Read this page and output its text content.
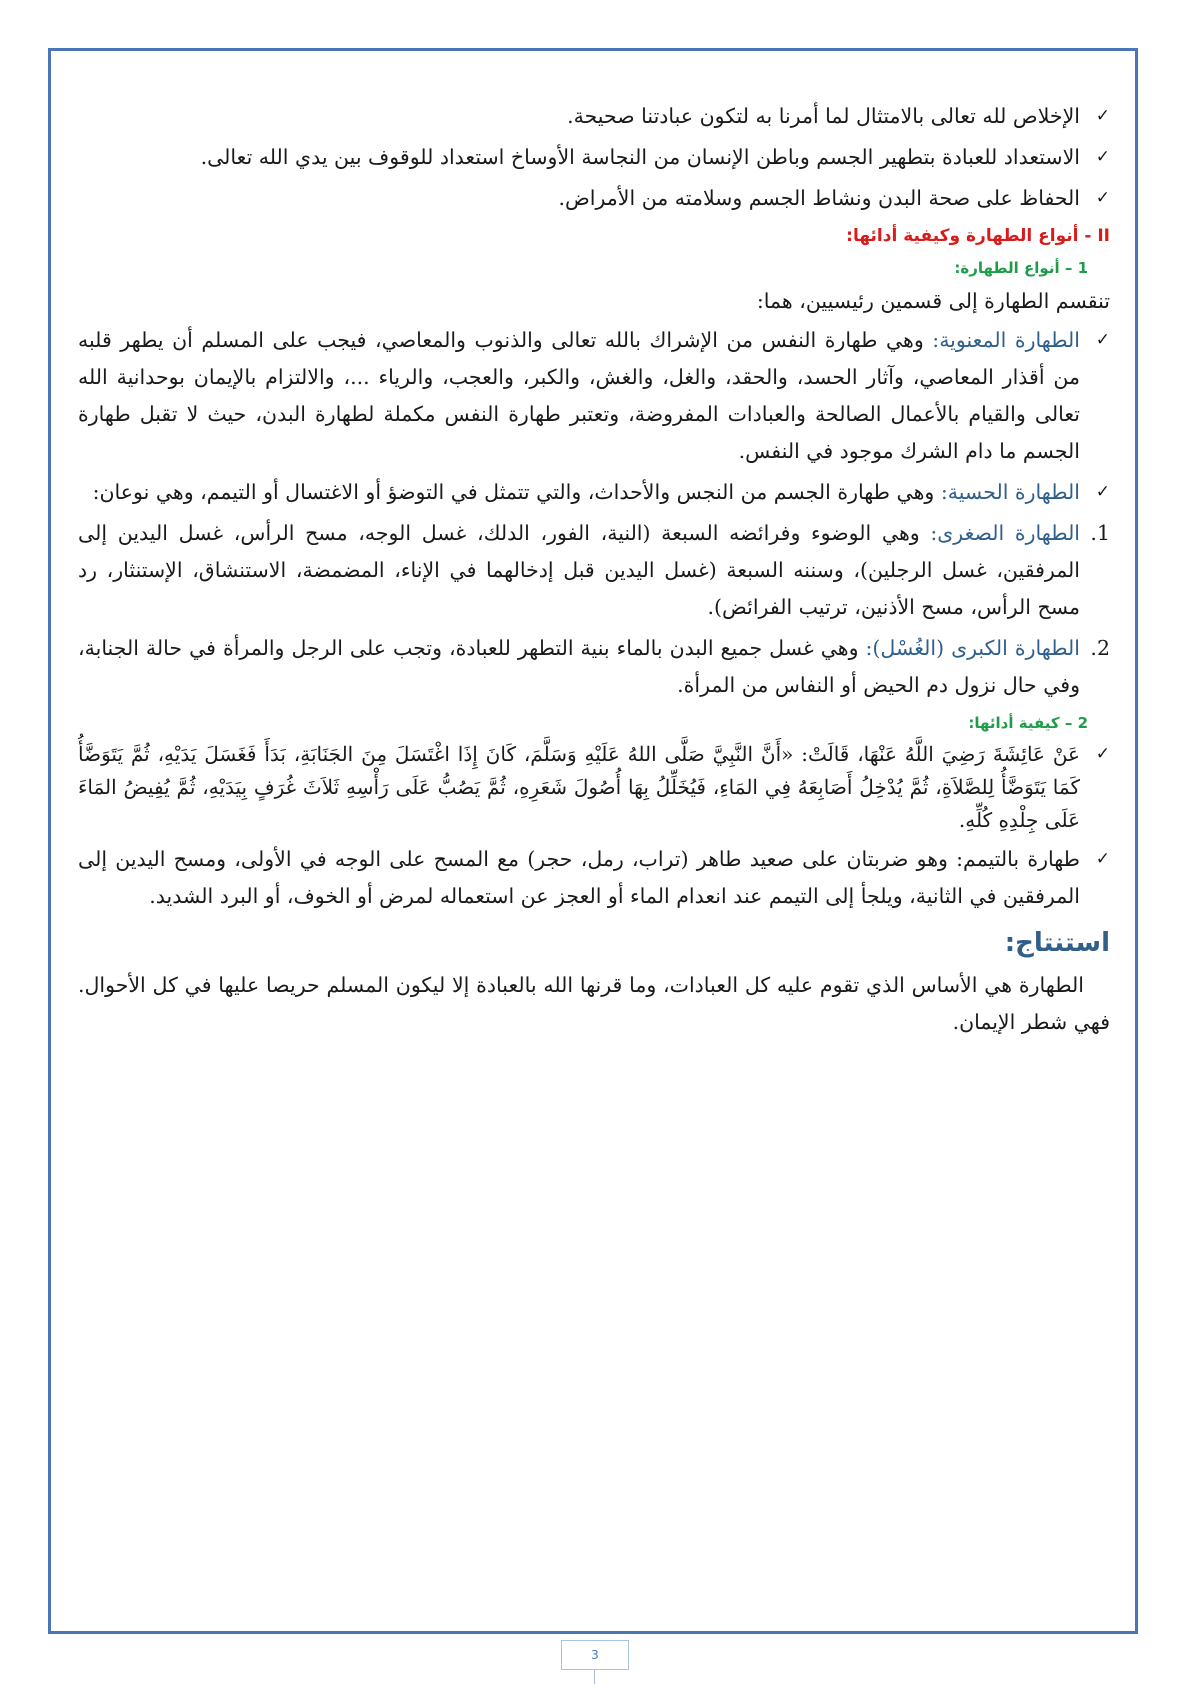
✓
الإخلاص لله تعالى بالامتثال لما أمرنا به لتكون عبادتنا صحيحة.
✓
الاستعداد للعبادة بتطهير الجسم وباطن الإنسان من النجاسة الأوساخ استعداد للوقوف بين يدي الله تعالى.
✓
الحفاظ على صحة البدن ونشاط الجسم وسلامته من الأمراض.
II - أنواع الطهارة وكيفية أدائها:
1 – أنواع الطهارة:
تنقسم الطهارة إلى قسمين رئيسيين، هما:
✓
الطهارة المعنوية: وهي طهارة النفس من الإشراك بالله تعالى والذنوب والمعاصي، فيجب على المسلم أن يطهر قلبه من أقذار المعاصي، وآثار الحسد، والحقد، والغل، والغش، والكبر، والعجب، والرياء ...، والالتزام بالإيمان بوحدانية الله تعالى والقيام بالأعمال الصالحة والعبادات المفروضة، وتعتبر طهارة النفس مكملة لطهارة البدن، حيث لا تقبل طهارة الجسم ما دام الشرك موجود في النفس.
✓
الطهارة الحسية: وهي طهارة الجسم من النجس والأحداث، والتي تتمثل في التوضؤ أو الاغتسال أو التيمم، وهي نوعان:
1.
الطهارة الصغرى: وهي الوضوء وفرائضه السبعة (النية، الفور، الدلك، غسل الوجه، مسح الرأس، غسل اليدين إلى المرفقين، غسل الرجلين)، وسننه السبعة (غسل اليدين قبل إدخالهما في الإناء، المضمضة، الاستنشاق، الإستنثار، رد مسح الرأس، مسح الأذنين، ترتيب الفرائض).
2.
الطهارة الكبرى (الغُسْل): وهي غسل جميع البدن بالماء بنية التطهر للعبادة، وتجب على الرجل والمرأة في حالة الجنابة، وفي حال نزول دم الحيض أو النفاس من المرأة.
2 – كيفية أدائها:
✓
عَنْ عَائِشَةَ رَضِيَ اللَّهُ عَنْهَا، قَالَتْ: «أَنَّ النَّبِيَّ صَلَّى اللهُ عَلَيْهِ وَسَلَّمَ، كَانَ إِذَا اغْتَسَلَ مِنَ الجَنَابَةِ، بَدَأَ فَغَسَلَ يَدَيْهِ، ثُمَّ يَتَوَضَّأُ كَمَا يَتَوَضَّأُ لِلصَّلاَةِ، ثُمَّ يُدْخِلُ أَصَابِعَهُ فِي المَاءِ، فَيُخَلِّلُ بِهَا أُصُولَ شَعَرِهِ، ثُمَّ يَصُبُّ عَلَى رَأْسِهِ ثَلاَثَ غُرَفٍ بِيَدَيْهِ، ثُمَّ يُفِيضُ المَاءَ عَلَى جِلْدِهِ كُلِّهِ.
✓
طهارة بالتيمم: وهو ضربتان على صعيد طاهر (تراب، رمل، حجر) مع المسح على الوجه في الأولى، ومسح اليدين إلى المرفقين في الثانية، ويلجأ إلى التيمم عند انعدام الماء أو العجز عن استعماله لمرض أو الخوف، أو البرد الشديد.
استنتاج:
الطهارة هي الأساس الذي تقوم عليه كل العبادات، وما قرنها الله بالعبادة إلا ليكون المسلم حريصا عليها في كل الأحوال. فهي شطر الإيمان.
3
